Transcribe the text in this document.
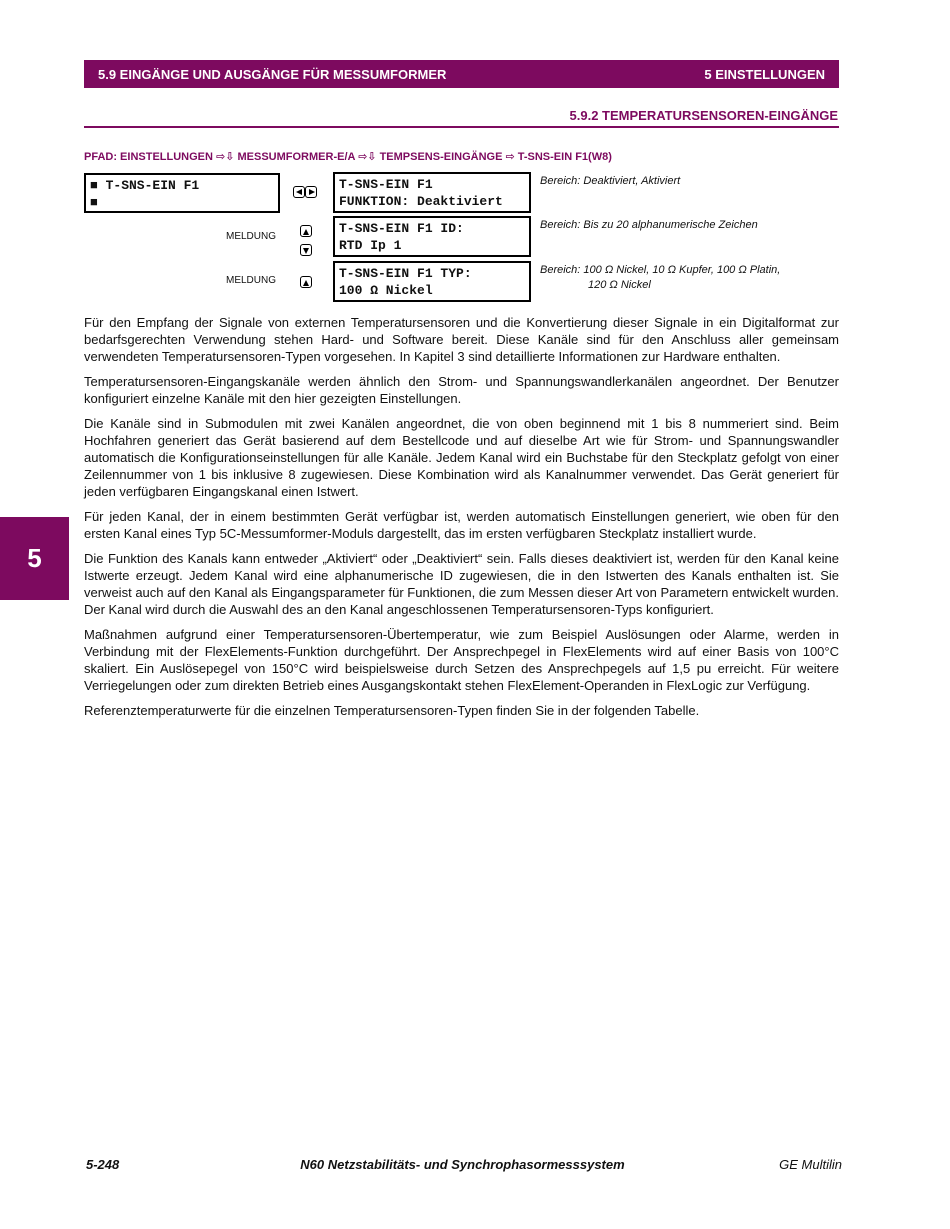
5.9 EINGÄNGE UND AUSGÄNGE FÜR MESSUMFORMER	5 EINSTELLUNGEN
5.9.2 TEMPERATURSENSOREN-EINGÄNGE
PFAD: EINSTELLUNGEN ⇨⇩ MESSUMFORMER-E/A ⇨⇩ TEMPSENS-EINGÄNGE ⇨ T-SNS-EIN F1(W8)
■ T-SNS-EIN F1
■
MELDUNG

MELDUNG
T-SNS-EIN F1
FUNKTION: Deaktiviert
T-SNS-EIN F1 ID:
RTD Ip 1
T-SNS-EIN F1 TYP:
100 Ω Nickel
Bereich: Deaktiviert, Aktiviert
Bereich: Bis zu 20 alphanumerische Zeichen
Bereich: 100 Ω Nickel, 10 Ω Kupfer, 100 Ω Platin,
120 Ω Nickel

Für den Empfang der Signale von externen Temperatursensoren und die Konvertierung dieser Signale in ein Digitalformat zur bedarfsgerechten Verwendung stehen Hard- und Software bereit. Diese Kanäle sind für den Anschluss aller gemeinsam verwendeten Temperatursensoren-Typen vorgesehen. In Kapitel 3 sind detaillierte Informationen zur Hardware enthalten.

Temperatursensoren-Eingangskanäle werden ähnlich den Strom- und Spannungswandlerkanälen angeordnet. Der Benutzer konfiguriert einzelne Kanäle mit den hier gezeigten Einstellungen.

Die Kanäle sind in Submodulen mit zwei Kanälen angeordnet, die von oben beginnend mit 1 bis 8 nummeriert sind. Beim Hochfahren generiert das Gerät basierend auf dem Bestellcode und auf dieselbe Art wie für Strom- und Spannungswandler automatisch die Konfigurationseinstellungen für alle Kanäle. Jedem Kanal wird ein Buchstabe für den Steckplatz gefolgt von einer Zeilennummer von 1 bis inklusive 8 zugewiesen. Diese Kombination wird als Kanalnummer verwendet. Das Gerät generiert für jeden verfügbaren Eingangskanal einen Istwert.

Für jeden Kanal, der in einem bestimmten Gerät verfügbar ist, werden automatisch Einstellungen generiert, wie oben für den ersten Kanal eines Typ 5C-Messumformer-Moduls dargestellt, das im ersten verfügbaren Steckplatz installiert wurde.

Die Funktion des Kanals kann entweder „Aktiviert“ oder „Deaktiviert“ sein. Falls dieses deaktiviert ist, werden für den Kanal keine Istwerte erzeugt. Jedem Kanal wird eine alphanumerische ID zugewiesen, die in den Istwerten des Kanals enthalten ist. Sie verweist auch auf den Kanal als Eingangsparameter für Funktionen, die zum Messen dieser Art von Parametern entwickelt wurden. Der Kanal wird durch die Auswahl des an den Kanal angeschlossenen Temperatursensoren-Typs konfiguriert.

Maßnahmen aufgrund einer Temperatursensoren-Übertemperatur, wie zum Beispiel Auslösungen oder Alarme, werden in Verbindung mit der FlexElements-Funktion durchgeführt. Der Ansprechpegel in FlexElements wird auf einer Basis von 100°C skaliert. Ein Auslösepegel von 150°C wird beispielsweise durch Setzen des Ansprechpegels auf 1,5 pu erreicht. Für weitere Verriegelungen oder zum direkten Betrieb eines Ausgangskontakt stehen FlexElement-Operanden in FlexLogic zur Verfügung.

Referenztemperaturwerte für die einzelnen Temperatursensoren-Typen finden Sie in der folgenden Tabelle.

5
5-248	N60 Netzstabilitäts- und Synchrophasormesssystem	GE Multilin
